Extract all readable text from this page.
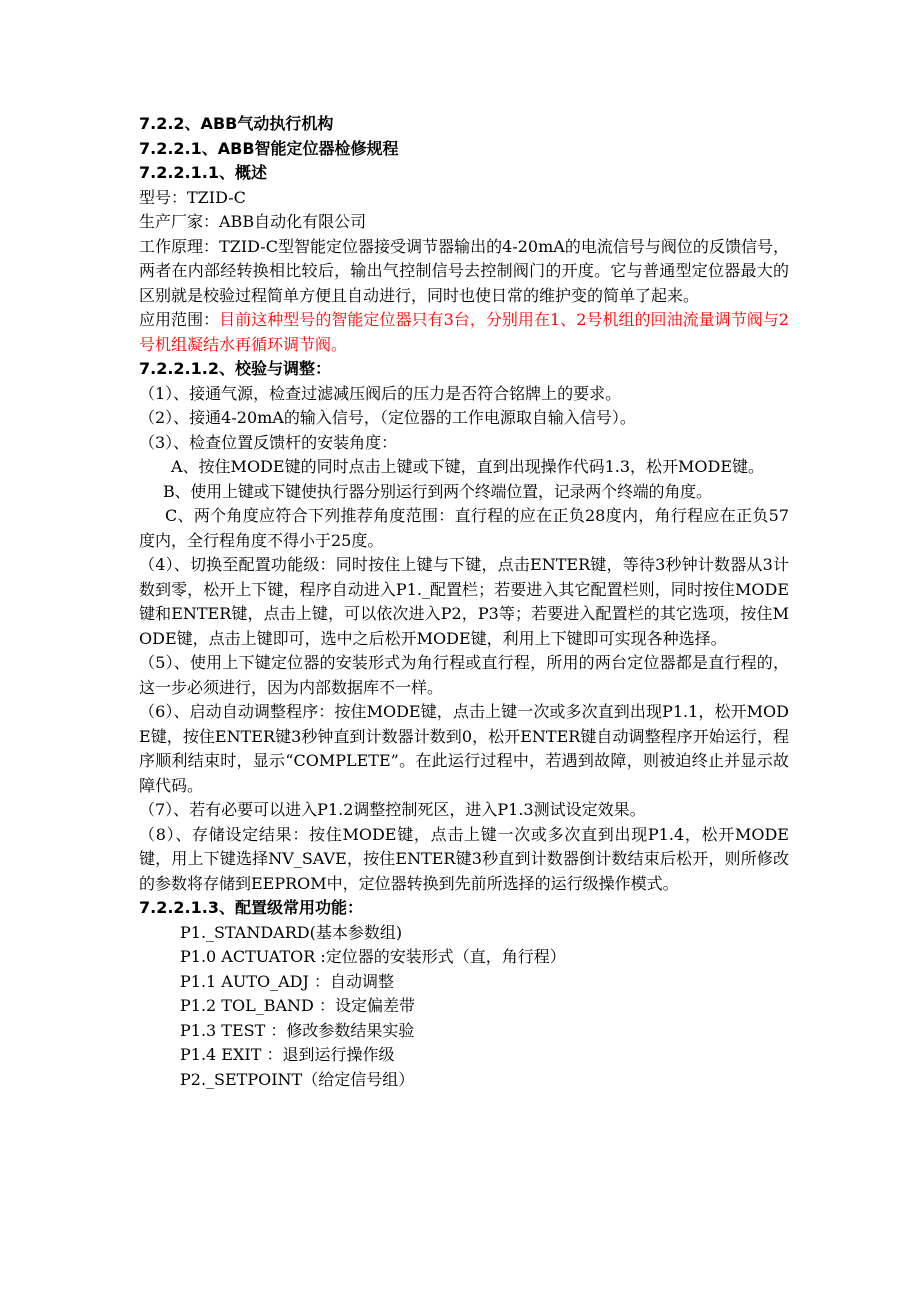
7.2.2、ABB气动执行机构
7.2.2.1、ABB智能定位器检修规程
7.2.2.1.1、概述
型号：TZID-C
生产厂家：ABB自动化有限公司
工作原理：TZID-C型智能定位器接受调节器输出的4-20mA的电流信号与阀位的反馈信号，两者在内部经转换相比较后，输出气控制信号去控制阀门的开度。它与普通型定位器最大的区别就是校验过程简单方便且自动进行，同时也使日常的维护变的简单了起来。
应用范围：目前这种型号的智能定位器只有3台，分别用在1、2号机组的回油流量调节阀与2号机组凝结水再循环调节阀。
7.2.2.1.2、校验与调整：
（1）、接通气源，检查过滤减压阀后的压力是否符合铭牌上的要求。
（2）、接通4-20mA的输入信号，（定位器的工作电源取自输入信号）。
（3）、检查位置反馈杆的安装角度：
A、按住MODE键的同时点击上键或下键，直到出现操作代码1.3，松开MODE键。
B、使用上键或下键使执行器分别运行到两个终端位置，记录两个终端的角度。
C、两个角度应符合下列推荐角度范围：直行程的应在正负28度内，角行程应在正负57度内，全行程角度不得小于25度。
（4）、切换至配置功能级：同时按住上键与下键，点击ENTER键，等待3秒钟计数器从3计数到零，松开上下键，程序自动进入P1._配置栏；若要进入其它配置栏则，同时按住MODE键和ENTER键，点击上键，可以依次进入P2，P3等；若要进入配置栏的其它选项，按住MODE键，点击上键即可，选中之后松开MODE键，利用上下键即可实现各种选择。
（5）、使用上下键定位器的安装形式为角行程或直行程，所用的两台定位器都是直行程的，这一步必须进行，因为内部数据库不一样。
（6）、启动自动调整程序：按住MODE键，点击上键一次或多次直到出现P1.1，松开MODE键，按住ENTER键3秒钟直到计数器计数到0，松开ENTER键自动调整程序开始运行，程序顺利结束时，显示“COMPLETE”。在此运行过程中，若遇到故障，则被迫终止并显示故障代码。
（7）、若有必要可以进入P1.2调整控制死区，进入P1.3测试设定效果。
（8）、存储设定结果：按住MODE键，点击上键一次或多次直到出现P1.4，松开MODE键，用上下键选择NV_SAVE，按住ENTER键3秒直到计数器倒计数结束后松开，则所修改的参数将存储到EEPROM中，定位器转换到先前所选择的运行级操作模式。
7.2.2.1.3、配置级常用功能：
P1._STANDARD(基本参数组)
P1.0 ACTUATOR :定位器的安装形式（直，角行程）
P1.1 AUTO_ADJ ：自动调整
P1.2 TOL_BAND ：设定偏差带
P1.3 TEST ：修改参数结果实验
P1.4 EXIT ：退到运行操作级
P2._SETPOINT（给定信号组）
